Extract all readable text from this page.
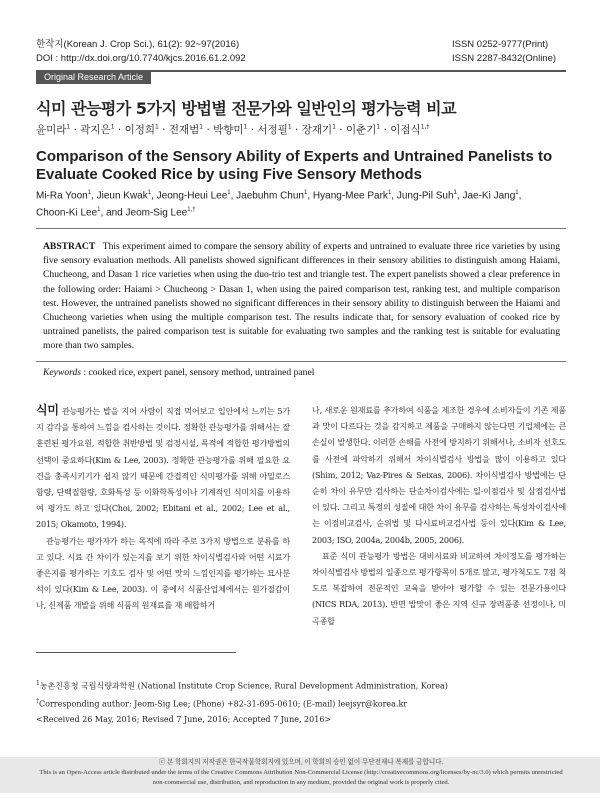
한작지(Korean J. Crop Sci.), 61(2): 92~97(2016)
DOI : http://dx.doi.org/10.7740/kjcs.2016.61.2.092
ISSN 0252-9777(Print)
ISSN 2287-8432(Online)
Original Research Article
식미 관능평가 5가지 방법별 전문가와 일반인의 평가능력 비교
윤미라$^1$ · 곽지은$^1$ · 이정희$^1$ · 전재범$^1$ · 박향미$^1$ · 서정필$^1$ · 장재기$^1$ · 이춘기$^1$ · 이점식$^{1,\dagger}$
Comparison of the Sensory Ability of Experts and Untrained Panelists to Evaluate Cooked Rice by using Five Sensory Methods
Mi-Ra Yoon$^1$, Jieun Kwak$^1$, Jeong-Heui Lee$^1$, Jaebuhm Chun$^1$, Hyang-Mee Park$^1$, Jung-Pil Suh$^1$, Jae-Ki Jang$^1$,
Choon-Ki Lee$^1$, and Jeom-Sig Lee$^{1,\dagger}$
ABSTRACT This experiment aimed to compare the sensory ability of experts and untrained to evaluate three rice varieties by using five sensory evaluation methods. All panelists showed significant differences in their sensory abilities to distinguish among Haiami, Chucheong, and Dasan 1 rice varieties when using the duo-trio test and triangle test. The expert panelists showed a clear preference in the following order: Haiami > Chucheong > Dasan 1, when using the paired comparison test, ranking test, and multiple comparison test. However, the untrained panelists showed no significant differences in their sensory ability to distinguish between the Haiami and Chucheong varieties when using the multiple comparison test. The results indicate that, for sensory evaluation of cooked rice by untrained panelists, the paired comparison test is suitable for evaluating two samples and the ranking test is suitable for evaluating more than two samples.
Keywords : cooked rice, expert panel, sensory method, untrained panel

식미 관능평가는 밥을 지어 사람이 직접 먹어보고 입안에서 느끼는 5가지 감각을 통하여 느낌을 검사하는 것이다. 정확한 관능평가를 위해서는 잘 훈련된 평가요원, 적합한 취반방법 및 검정시설, 목적에 적합한 평가방법의 선택이 중요하다(Kim & Lee, 2003). 정확한 관능평가를 위해 필요한 요건을 충족시키기가 쉽지 않기 때문에 간접적인 식미평가를 위해 아밀로스함량, 단백질함량, 호화특성 등 이화학특성이나 기계적인 식미치를 이용하여 평가도 하고 있다(Choi, 2002; Ebitani et al., 2002; Lee et al., 2015; Okamoto, 1994).

관능평가는 평가자가 하는 목적에 따라 주로 3가지 방법으로 분류를 하고 있다. 시료 간 차이가 있는지를 보기 위한 차이식별검사와 어떤 시료가 좋은지를 평가하는 기호도 검사 및 어떤 맛의 느낌인지를 평가하는 묘사분석이 있다(Kim & Lee, 2003). 이 중에서 식품산업체에서는 원가절감이나, 신제품 개발을 위해 식품의 원재료를 재 배합하거

나, 새로운 원재료를 추가하여 식품을 제조한 경우에 소비자들이 기존 제품과 맛이 다르다는 것을 감지하고 제품을 구매하지 않는다면 기업체에는 큰 손실이 발생한다. 이러한 손해를 사전에 방지하기 위해서나, 소비자 선호도를 사전에 파악하기 위해서 차이식별검사 방법을 많이 이용하고 있다(Shim, 2012; Vaz-Pires & Seixas, 2006). 차이식별검사 방법에는 단순히 차이 유무만 검사하는 단순차이검사에는 일-이점검사 및 삼점검사법이 있다. 그리고 특정의 성질에 대한 차이 유무를 검사하는 특성차이검사에는 이점비교검사, 순위법 및 다시료비교검사법 등이 있다(Kim & Lee, 2003; ISO, 2004a, 2004b, 2005, 2006).

표준 식미 관능평가 방법은 대비시료와 비교하여 차이정도를 평가하는 차이식별검사 방법의 일종으로 평가항목이 5개로 많고, 평가척도도 7점 척도로 복잡하여 전문적인 교육을 받아야 평가할 수 있는 전문가용이다(NICS RDA, 2013). 반면 밥맛이 좋은 지역 신규 장려품종 선정이나, 미곡종합

$^1$농촌진흥청 국립식량과학원 (National Institute Crop Science, Rural Development Administration, Korea)
†Corresponding author: Jeom-Sig Lee; (Phone) +82-31-695-0610; (E-mail) leejsyr@korea.kr
<Received 26 May, 2016; Revised 7 June, 2016; Accepted 7 June, 2016>
ⓒ 본 학회지의 저작권은 한국작물학회지에 있으며, 이 학회의 승인 없이 무단전재나 복제를 금합니다.
This is an Open-Access article distributed under the terms of the Creative Commons Attribution Non-Commercial License (http://creativecommons.org/licenses/by-nc/3.0) which permits unrestricted non-commercial use, distribution, and reproduction in any medium, provided the original work is properly cited.
